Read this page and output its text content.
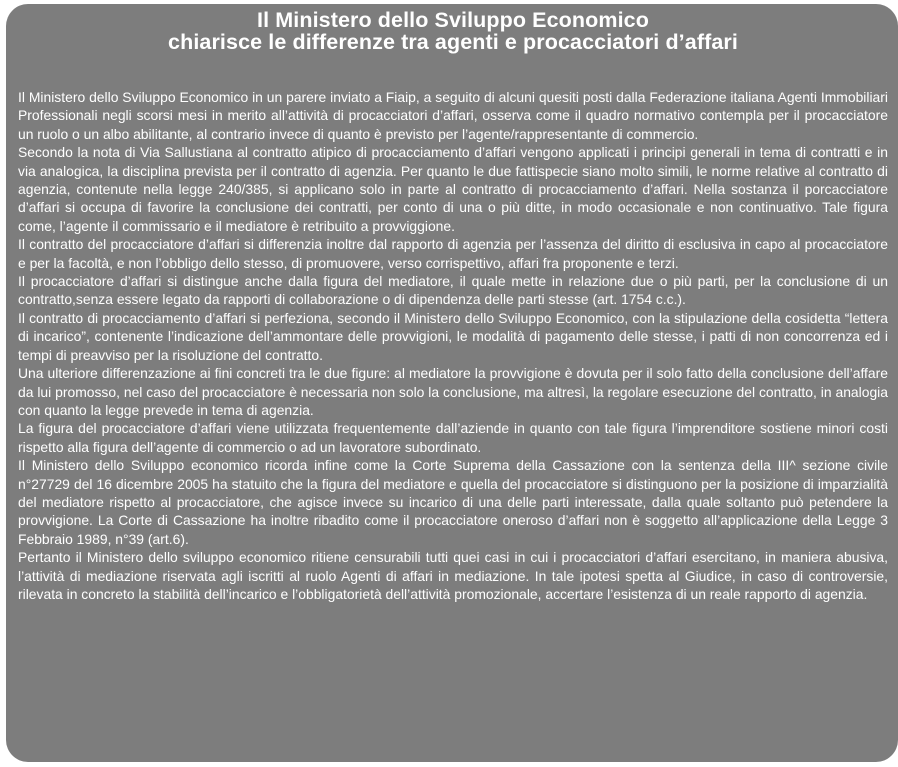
Il Ministero dello Sviluppo Economico
chiarisce le differenze tra agenti e procacciatori d’affari

Il Ministero dello Sviluppo Economico in un parere inviato a Fiaip, a seguito di alcuni quesiti posti dalla Federazione italiana Agenti Immobiliari Professionali negli scorsi mesi in merito all’attività di procacciatori d’affari, osserva come il quadro normativo contempla per il procacciatore un ruolo o un albo abilitante, al contrario invece di quanto è previsto per l’agente/rappresentante di commercio.

Secondo la nota di Via Sallustiana al contratto atipico di procacciamento d’affari vengono applicati i principi generali in tema di contratti e in via analogica, la disciplina prevista per il contratto di agenzia. Per quanto le due fattispecie siano molto simili, le norme relative al contratto di agenzia, contenute nella legge 240/385, si applicano solo in parte al contratto di procacciamento d’affari. Nella sostanza il porcacciatore d’affari si occupa di favorire la conclusione dei contratti, per conto di una o più ditte, in modo occasionale e non continuativo. Tale figura come, l’agente il commissario e il mediatore è retribuito a provviggione.

Il contratto del procacciatore d’affari si differenzia inoltre dal rapporto di agenzia per l’assenza del diritto di esclusiva in capo al procacciatore e per la facoltà, e non l’obbligo dello stesso, di promuovere, verso corrispettivo, affari fra proponente e terzi.

Il procacciatore d’affari si distingue anche dalla figura del mediatore, il quale mette in relazione due o più parti, per la conclusione di un contratto,senza essere legato da rapporti di collaborazione o di dipendenza delle parti stesse (art. 1754 c.c.).

Il contratto di procacciamento d’affari si perfeziona, secondo il Ministero dello Sviluppo Economico, con la stipulazione della cosidetta “lettera di incarico”, contenente l’indicazione dell’ammontare delle provvigioni, le modalità di pagamento delle stesse, i patti di non concorrenza ed i tempi di preavviso per la risoluzione del contratto.

Una ulteriore differenzazione ai fini concreti tra le due figure: al mediatore la provvigione è dovuta per il solo fatto della conclusione dell’affare da lui promosso, nel caso del procacciatore è necessaria non solo la conclusione, ma altresì, la regolare esecuzione del contratto, in analogia con quanto la legge prevede in tema di agenzia.

La figura del procacciatore d’affari viene utilizzata frequentemente dall’aziende in quanto con tale figura l’imprenditore sostiene minori costi rispetto alla figura dell’agente di commercio o ad un lavoratore subordinato.

Il Ministero dello Sviluppo economico ricorda infine come la Corte Suprema della Cassazione con la sentenza della III^ sezione civile n°27729 del 16 dicembre 2005 ha statuito che la figura del mediatore e quella del procacciatore si distinguono per la posizione di imparzialità del mediatore rispetto al procacciatore, che agisce invece su incarico di una delle parti interessate, dalla quale soltanto può petendere la provvigione. La Corte di Cassazione ha inoltre ribadito come il procacciatore oneroso d’affari non è soggetto all’applicazione della Legge 3 Febbraio 1989, n°39 (art.6).

Pertanto il Ministero dello sviluppo economico ritiene censurabili tutti quei casi in cui i procacciatori d’affari esercitano, in maniera abusiva, l’attività di mediazione riservata agli iscritti al ruolo Agenti di affari in mediazione. In tale ipotesi spetta al Giudice, in caso di controversie, rilevata in concreto la stabilità dell’incarico e l’obbligatorietà dell’attività promozionale, accertare l’esistenza di un reale rapporto di agenzia.
